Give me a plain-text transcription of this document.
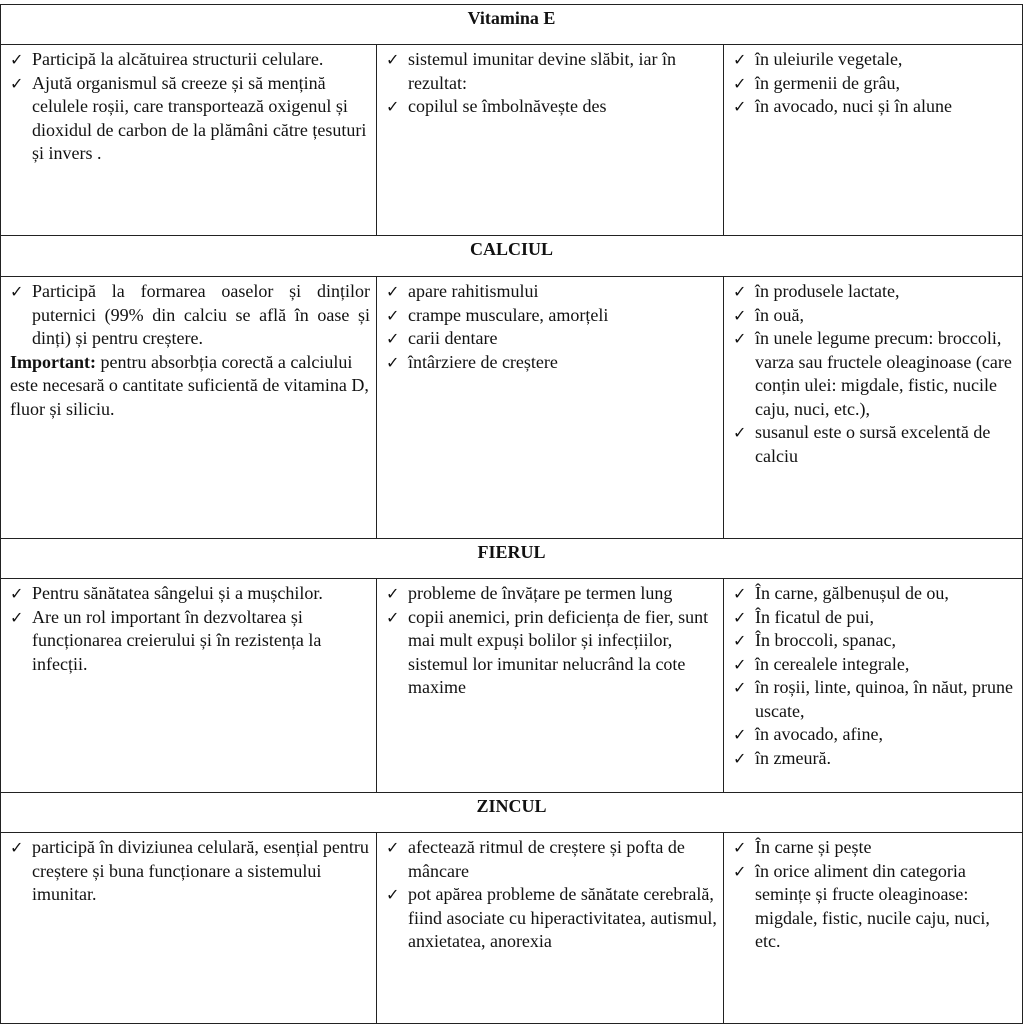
Vitamina E
✓ Participă la alcătuirea structurii celulare.
✓ Ajută organismul să creeze și să mențină celulele roșii, care transportează oxigenul și dioxidul de carbon de la plămâni către țesuturi și invers .
✓ sistemul imunitar devine slăbit, iar în rezultat:
✓ copilul se îmbolnăvește des
✓ în uleiurile vegetale,
✓ în germenii de grâu,
✓ în avocado, nuci și în alune
CALCIUL
✓ Participă la formarea oaselor și dinților puternici (99% din calciu se află în oase și dinți) și pentru creștere.

Important: pentru absorbția corectă a calciului este necesară o cantitate suficientă de vitamina D, fluor și siliciu.

✓ apare rahitismului
✓ crampe musculare, amorțeli
✓ carii dentare
✓ întârziere de creștere
✓ în produsele lactate,
✓ în ouă,
✓ în unele legume precum: broccoli, varza sau fructele oleaginoase (care conțin ulei: migdale, fistic, nucile caju, nuci, etc.),
✓ susanul este o sursă excelentă de calciu
FIERUL
✓ Pentru sănătatea sângelui și a mușchilor.
✓ Are un rol important în dezvoltarea și funcționarea creierului și în rezistența la infecții.
✓ probleme de învățare pe termen lung
✓ copii anemici, prin deficiența de fier, sunt mai mult expuși bolilor și infecțiilor, sistemul lor imunitar nelucrând la cote maxime
✓ În carne, gălbenușul de ou,
✓ În ficatul de pui,
✓ În broccoli, spanac,
✓ în cerealele integrale,
✓ în roșii, linte, quinoa, în năut, prune uscate,
✓ în avocado, afine,
✓ în zmeură.
ZINCUL
✓ participă în diviziunea celulară, esențial pentru creștere și buna funcționare a sistemului imunitar.
✓ afectează ritmul de creștere și pofta de mâncare
✓ pot apărea probleme de sănătate cerebrală, fiind asociate cu hiperactivitatea, autismul, anxietatea, anorexia
✓ În carne și pește
✓ în orice aliment din categoria semințe și fructe oleaginoase: migdale, fistic, nucile caju, nuci, etc.
